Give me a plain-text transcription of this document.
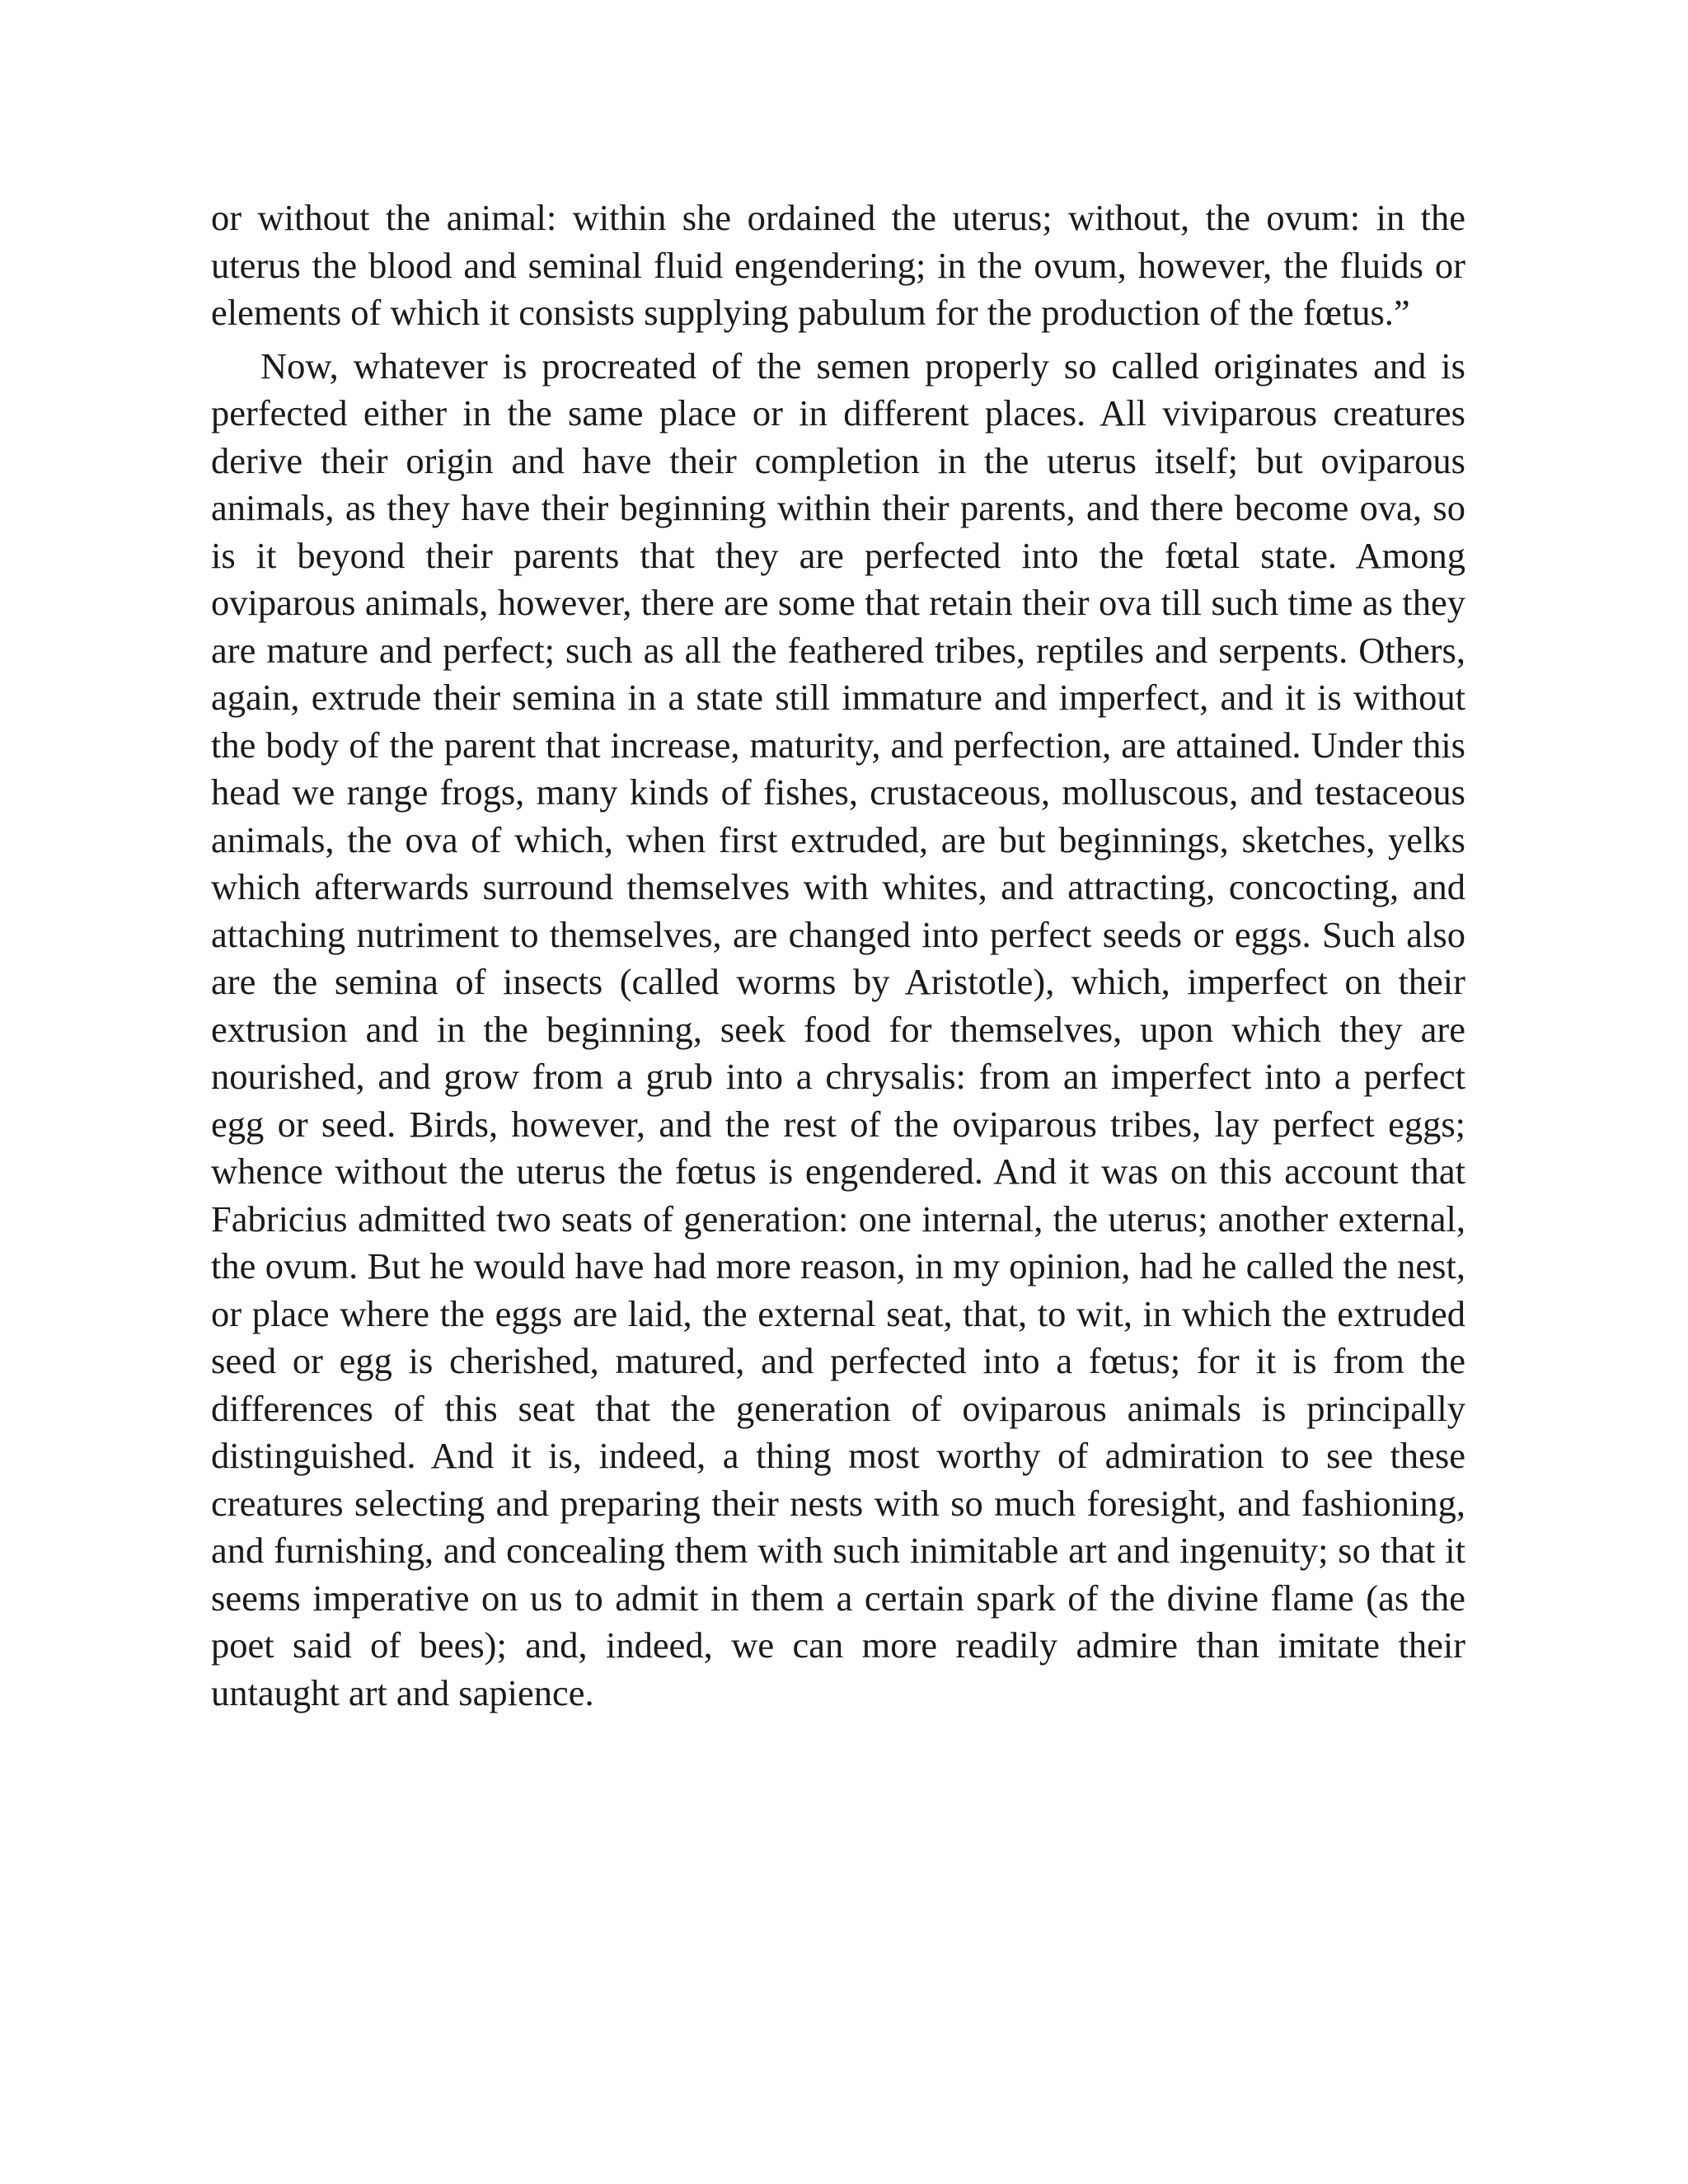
or without the animal: within she ordained the uterus; without, the ovum: in the uterus the blood and seminal fluid engendering; in the ovum, however, the fluids or elements of which it consists supplying pabulum for the production of the fœtus.”

Now, whatever is procreated of the semen properly so called originates and is perfected either in the same place or in different places. All viviparous creatures derive their origin and have their completion in the uterus itself; but oviparous animals, as they have their beginning within their parents, and there become ova, so is it beyond their parents that they are perfected into the fœtal state. Among oviparous animals, however, there are some that retain their ova till such time as they are mature and perfect; such as all the feathered tribes, reptiles and serpents. Others, again, extrude their semina in a state still immature and imperfect, and it is without the body of the parent that increase, maturity, and perfection, are attained. Under this head we range frogs, many kinds of fishes, crustaceous, molluscous, and testaceous animals, the ova of which, when first extruded, are but beginnings, sketches, yelks which afterwards surround themselves with whites, and attracting, concocting, and attaching nutriment to themselves, are changed into perfect seeds or eggs. Such also are the semina of insects (called worms by Aristotle), which, imperfect on their extrusion and in the beginning, seek food for themselves, upon which they are nourished, and grow from a grub into a chrysalis: from an imperfect into a perfect egg or seed. Birds, however, and the rest of the oviparous tribes, lay perfect eggs; whence without the uterus the fœtus is engendered. And it was on this account that Fabricius admitted two seats of generation: one internal, the uterus; another external, the ovum. But he would have had more reason, in my opinion, had he called the nest, or place where the eggs are laid, the external seat, that, to wit, in which the extruded seed or egg is cherished, matured, and perfected into a fœtus; for it is from the differences of this seat that the generation of oviparous animals is principally distinguished. And it is, indeed, a thing most worthy of admiration to see these creatures selecting and preparing their nests with so much foresight, and fashioning, and furnishing, and concealing them with such inimitable art and ingenuity; so that it seems imperative on us to admit in them a certain spark of the divine flame (as the poet said of bees); and, indeed, we can more readily admire than imitate their untaught art and sapience.
